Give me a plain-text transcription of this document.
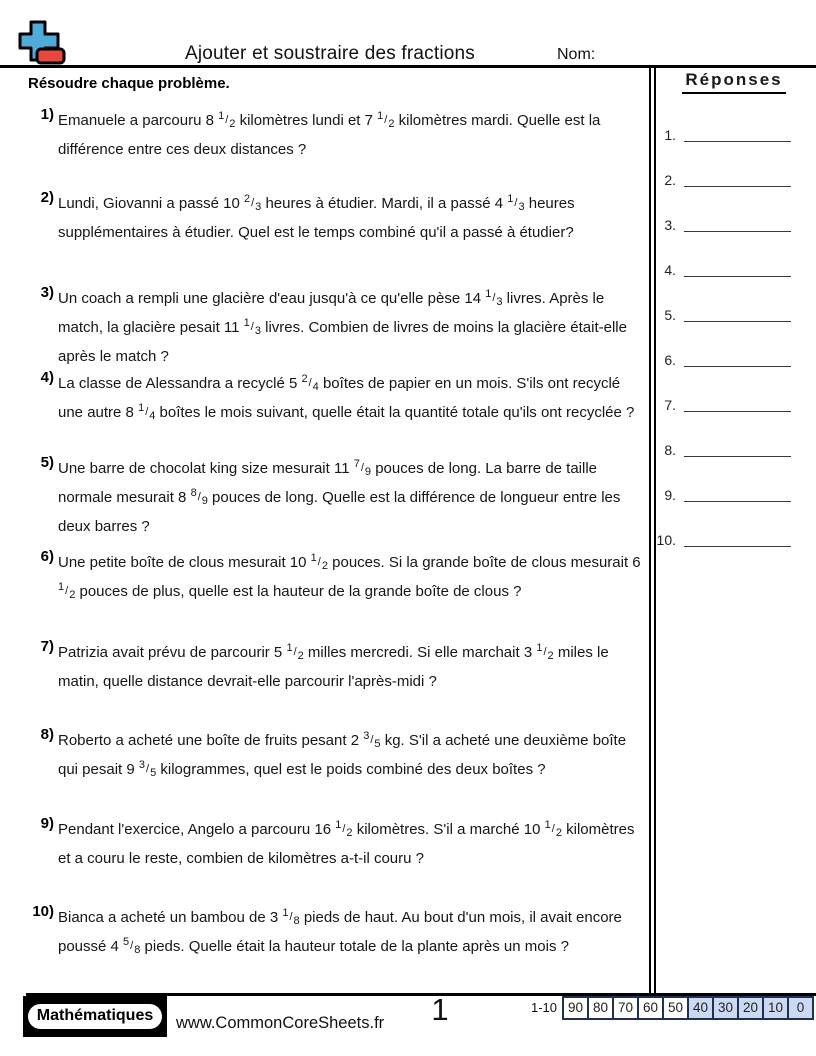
Ajouter et soustraire des fractions	Nom:
Résoudre chaque problème.	Réponses
1.
2.
3.
4.
5.
6.
7.
8.
9.
10.
1) Emanuele a parcouru 8 $^1$/2 kilomètres lundi et 7 $^1$/2 kilomètres mardi. Quelle est la différence entre ces deux distances ?
2) Lundi, Giovanni a passé 10 $^2$/3 heures à étudier. Mardi, il a passé 4 $^1$/3 heures supplémentaires à étudier. Quel est le temps combiné qu'il a passé à étudier?
3) Un coach a rempli une glacière d'eau jusqu'à ce qu'elle pèse 14 $^1$/3 livres. Après le match, la glacière pesait 11 $^1$/3 livres. Combien de livres de moins la glacière était-elle après le match ?
4) La classe de Alessandra a recyclé 5 $^2$/4 boîtes de papier en un mois. S'ils ont recyclé une autre 8 $^1$/4 boîtes le mois suivant, quelle était la quantité totale qu'ils ont recyclée ?
5) Une barre de chocolat king size mesurait 11 $^7$/9 pouces de long. La barre de taille normale mesurait 8 $^8$/9 pouces de long. Quelle est la différence de longueur entre les deux barres ?
6) Une petite boîte de clous mesurait 10 $^1$/2 pouces. Si la grande boîte de clous mesurait 6 $^1$/2 pouces de plus, quelle est la hauteur de la grande boîte de clous ?
7) Patrizia avait prévu de parcourir 5 $^1$/2 milles mercredi. Si elle marchait 3 $^1$/2 miles le matin, quelle distance devrait-elle parcourir l'après-midi ?
8) Roberto a acheté une boîte de fruits pesant 2 $^3$/5 kg. S'il a acheté une deuxième boîte qui pesait 9 $^3$/5 kilogrammes, quel est le poids combiné des deux boîtes ?
9) Pendant l'exercice, Angelo a parcouru 16 $^1$/2 kilomètres. S'il a marché 10 $^1$/2 kilomètres et a couru le reste, combien de kilomètres a-t-il couru ?
10) Bianca a acheté un bambou de 3 $^1$/8 pieds de haut. Au bout d'un mois, il avait encore poussé 4 $^5$/8 pieds. Quelle était la hauteur totale de la plante après un mois ?
Mathématiques	www.CommonCoreSheets.fr	1	1-10 90 80 70 60 50 40 30 20 10	0
